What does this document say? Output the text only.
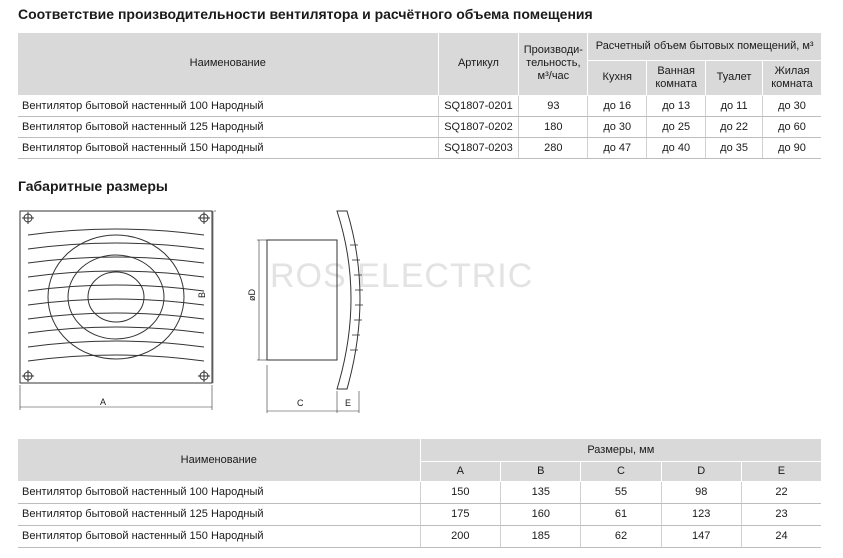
Соответствие производительности вентилятора и расчётного объема помещения
Наименование	Артикул	Производи-тельность, м³/час	Расчетный объем бытовых помещений, м³			
			Кухня	Ванная комната	Туалет	Жилая комната
Вентилятор бытовой настенный 100 Народный	SQ1807-0201	93	до 16	до 13	до 11	до 30
Вентилятор бытовой настенный 125 Народный	SQ1807-0202	180	до 30	до 25	до 22	до 60
Вентилятор бытовой настенный 150 Народный	SQ1807-0203	280	до 47	до 40	до 35	до 90
Габаритные размеры
ROS ELECTRIC
A
B	øD
C	E
Наименование	Размеры, мм				
	A	B	C	D	E
Вентилятор бытовой настенный 100 Народный	150	135	55	98	22
Вентилятор бытовой настенный 125 Народный	175	160	61	123	23
Вентилятор бытовой настенный 150 Народный	200	185	62	147	24
